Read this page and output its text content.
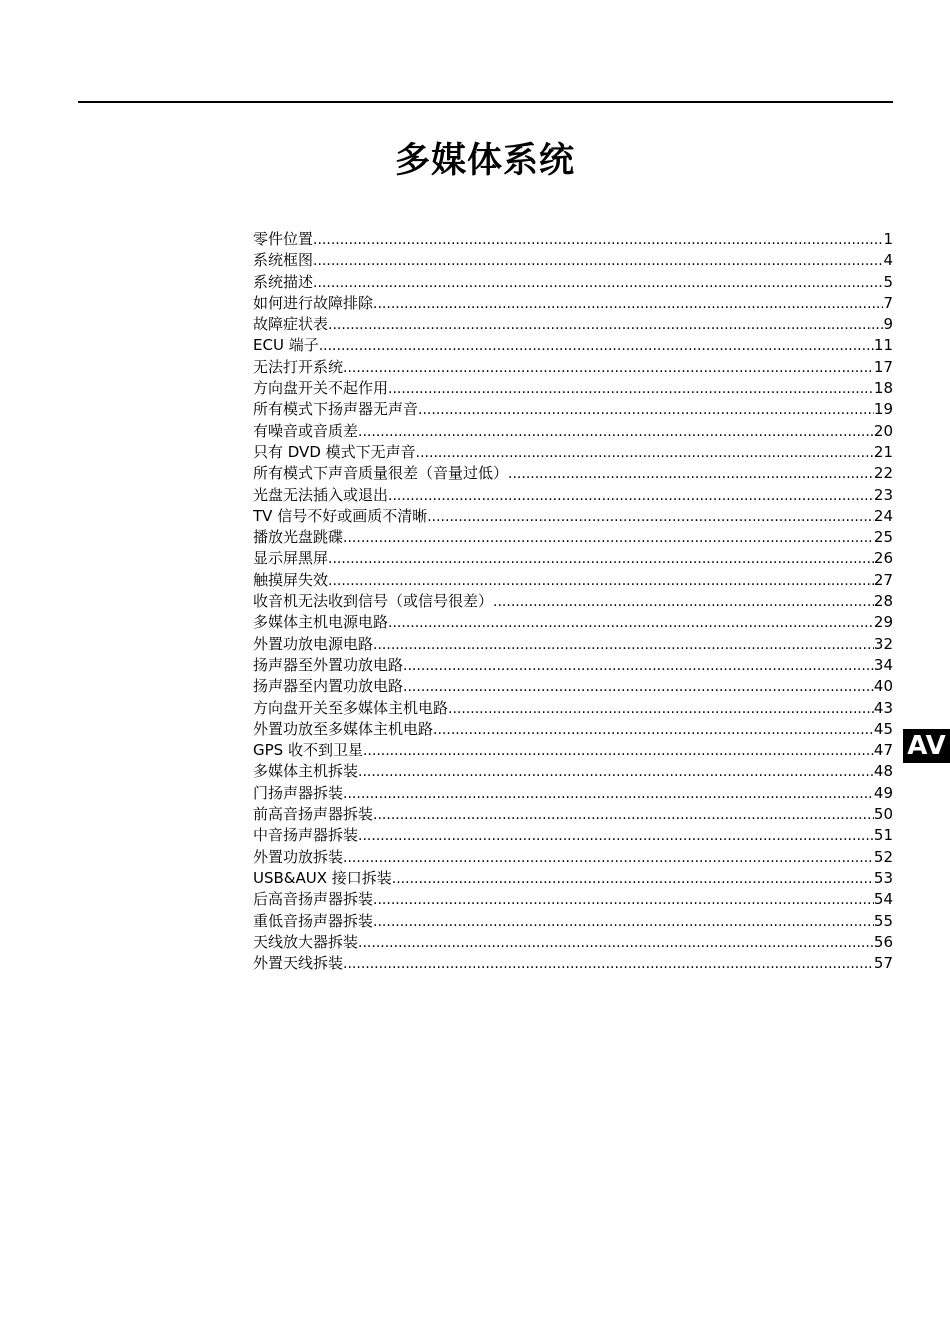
多媒体系统
零件位置 .....	1
系统框图 .....	4
系统描述 .....	5
如何进行故障排除 .....	7
故障症状表 .....	9
ECU 端子 .....	11
无法打开系统 .....	17
方向盘开关不起作用 .....	18
所有模式下扬声器无声音 .....	19
有噪音或音质差 .....	20
只有 DVD 模式下无声音 .....	21
所有模式下声音质量很差（音量过低） .....	22
光盘无法插入或退出 .....	23
TV 信号不好或画质不清晰 .....	24
播放光盘跳碟 .....	25
显示屏黑屏 .....	26
触摸屏失效 .....	27
收音机无法收到信号（或信号很差） .....	28
多媒体主机电源电路 .....	29
外置功放电源电路 .....	32
扬声器至外置功放电路 .....	34
扬声器至内置功放电路 .....	40
方向盘开关至多媒体主机电路 .....	43
外置功放至多媒体主机电路 .....	45
GPS 收不到卫星 .....	47
多媒体主机拆装 .....	48
门扬声器拆装 .....	49
前高音扬声器拆装 .....	50
中音扬声器拆装 .....	51
外置功放拆装 .....	52
USB&AUX 接口拆装 .....	53
后高音扬声器拆装 .....	54
重低音扬声器拆装 .....	55
天线放大器拆装 .....	56
外置天线拆装 .....	57
AV
